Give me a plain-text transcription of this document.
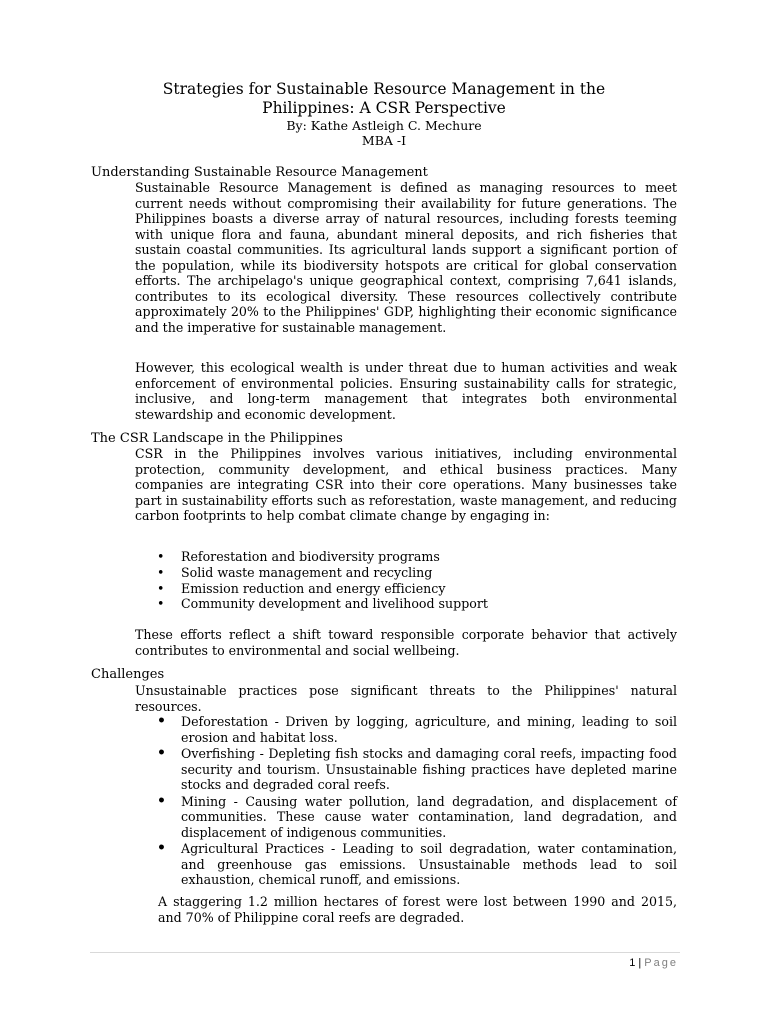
Strategies for Sustainable Resource Management in the
Philippines: A CSR Perspective
By: Kathe Astleigh C. Mechure
MBA -I
Understanding Sustainable Resource Management

Sustainable Resource Management is defined as managing resources to meet current needs without compromising their availability for future generations. The Philippines boasts a diverse array of natural resources, including forests teeming with unique flora and fauna, abundant mineral deposits, and rich fisheries that sustain coastal communities. Its agricultural lands support a significant portion of the population, while its biodiversity hotspots are critical for global conservation efforts. The archipelago's unique geographical context, comprising 7,641 islands, contributes to its ecological diversity. These resources collectively contribute approximately 20% to the Philippines' GDP, highlighting their economic significance and the imperative for sustainable management.

However, this ecological wealth is under threat due to human activities and weak enforcement of environmental policies. Ensuring sustainability calls for strategic, inclusive, and long-term management that integrates both environmental stewardship and economic development.

The CSR Landscape in the Philippines

CSR in the Philippines involves various initiatives, including environmental protection, community development, and ethical business practices. Many companies are integrating CSR into their core operations. Many businesses take part in sustainability efforts such as reforestation, waste management, and reducing carbon footprints to help combat climate change by engaging in:

• Reforestation and biodiversity programs
• Solid waste management and recycling
• Emission reduction and energy efficiency
• Community development and livelihood support

These efforts reflect a shift toward responsible corporate behavior that actively contributes to environmental and social wellbeing.

Challenges

Unsustainable practices pose significant threats to the Philippines' natural resources.

• Deforestation - Driven by logging, agriculture, and mining, leading to soil erosion and habitat loss.
• Overfishing - Depleting fish stocks and damaging coral reefs, impacting food security and tourism. Unsustainable fishing practices have depleted marine stocks and degraded coral reefs.
• Mining - Causing water pollution, land degradation, and displacement of communities. These cause water contamination, land degradation, and displacement of indigenous communities.
• Agricultural Practices - Leading to soil degradation, water contamination, and greenhouse gas emissions. Unsustainable methods lead to soil exhaustion, chemical runoff, and emissions.

A staggering 1.2 million hectares of forest were lost between 1990 and 2015, and 70% of Philippine coral reefs are degraded.

1 | Page
